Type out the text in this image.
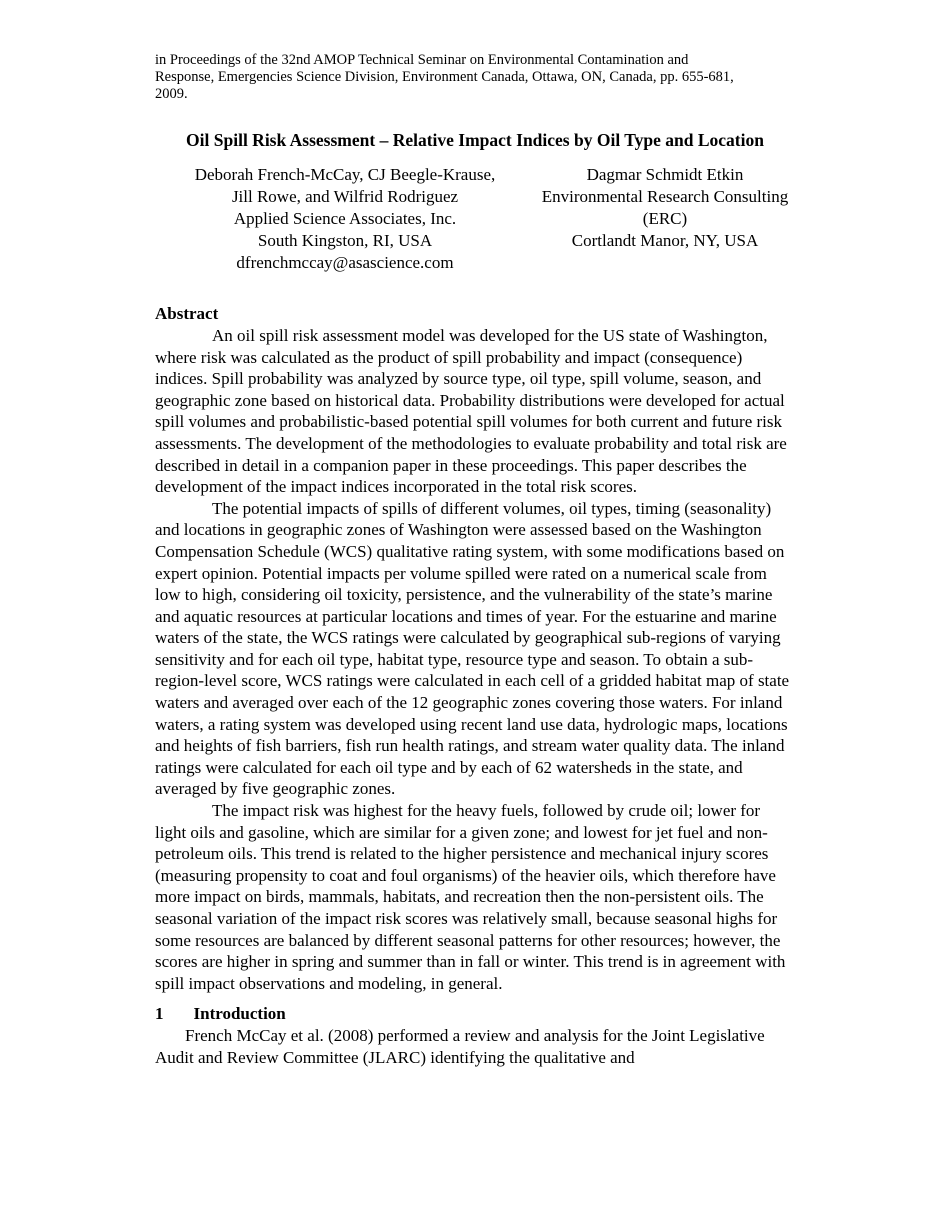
in Proceedings of the 32nd AMOP Technical Seminar on Environmental Contamination and
Response, Emergencies Science Division, Environment Canada, Ottawa, ON, Canada, pp. 655-681,
2009.
Oil Spill Risk Assessment – Relative Impact Indices by Oil Type and Location
Deborah French-McCay, CJ Beegle-Krause,
Jill Rowe, and Wilfrid Rodriguez
Applied Science Associates, Inc.
South Kingston, RI, USA
dfrenchmccay@asascience.com
Dagmar Schmidt Etkin
Environmental Research Consulting
(ERC)
Cortlandt Manor, NY, USA
Abstract

An oil spill risk assessment model was developed for the US state of Washington, where risk was calculated as the product of spill probability and impact (consequence) indices. Spill probability was analyzed by source type, oil type, spill volume, season, and geographic zone based on historical data. Probability distributions were developed for actual spill volumes and probabilistic-based potential spill volumes for both current and future risk assessments. The development of the methodologies to evaluate probability and total risk are described in detail in a companion paper in these proceedings. This paper describes the development of the impact indices incorporated in the total risk scores.

The potential impacts of spills of different volumes, oil types, timing (seasonality) and locations in geographic zones of Washington were assessed based on the Washington Compensation Schedule (WCS) qualitative rating system, with some modifications based on expert opinion. Potential impacts per volume spilled were rated on a numerical scale from low to high, considering oil toxicity, persistence, and the vulnerability of the state’s marine and aquatic resources at particular locations and times of year. For the estuarine and marine waters of the state, the WCS ratings were calculated by geographical sub-regions of varying sensitivity and for each oil type, habitat type, resource type and season. To obtain a sub-region-level score, WCS ratings were calculated in each cell of a gridded habitat map of state waters and averaged over each of the 12 geographic zones covering those waters. For inland waters, a rating system was developed using recent land use data, hydrologic maps, locations and heights of fish barriers, fish run health ratings, and stream water quality data. The inland ratings were calculated for each oil type and by each of 62 watersheds in the state, and averaged by five geographic zones.

The impact risk was highest for the heavy fuels, followed by crude oil; lower for light oils and gasoline, which are similar for a given zone; and lowest for jet fuel and non-petroleum oils. This trend is related to the higher persistence and mechanical injury scores (measuring propensity to coat and foul organisms) of the heavier oils, which therefore have more impact on birds, mammals, habitats, and recreation then the non-persistent oils. The seasonal variation of the impact risk scores was relatively small, because seasonal highs for some resources are balanced by different seasonal patterns for other resources; however, the scores are higher in spring and summer than in fall or winter. This trend is in agreement with spill impact observations and modeling, in general.

1 Introduction

French McCay et al. (2008) performed a review and analysis for the Joint Legislative Audit and Review Committee (JLARC) identifying the qualitative and
